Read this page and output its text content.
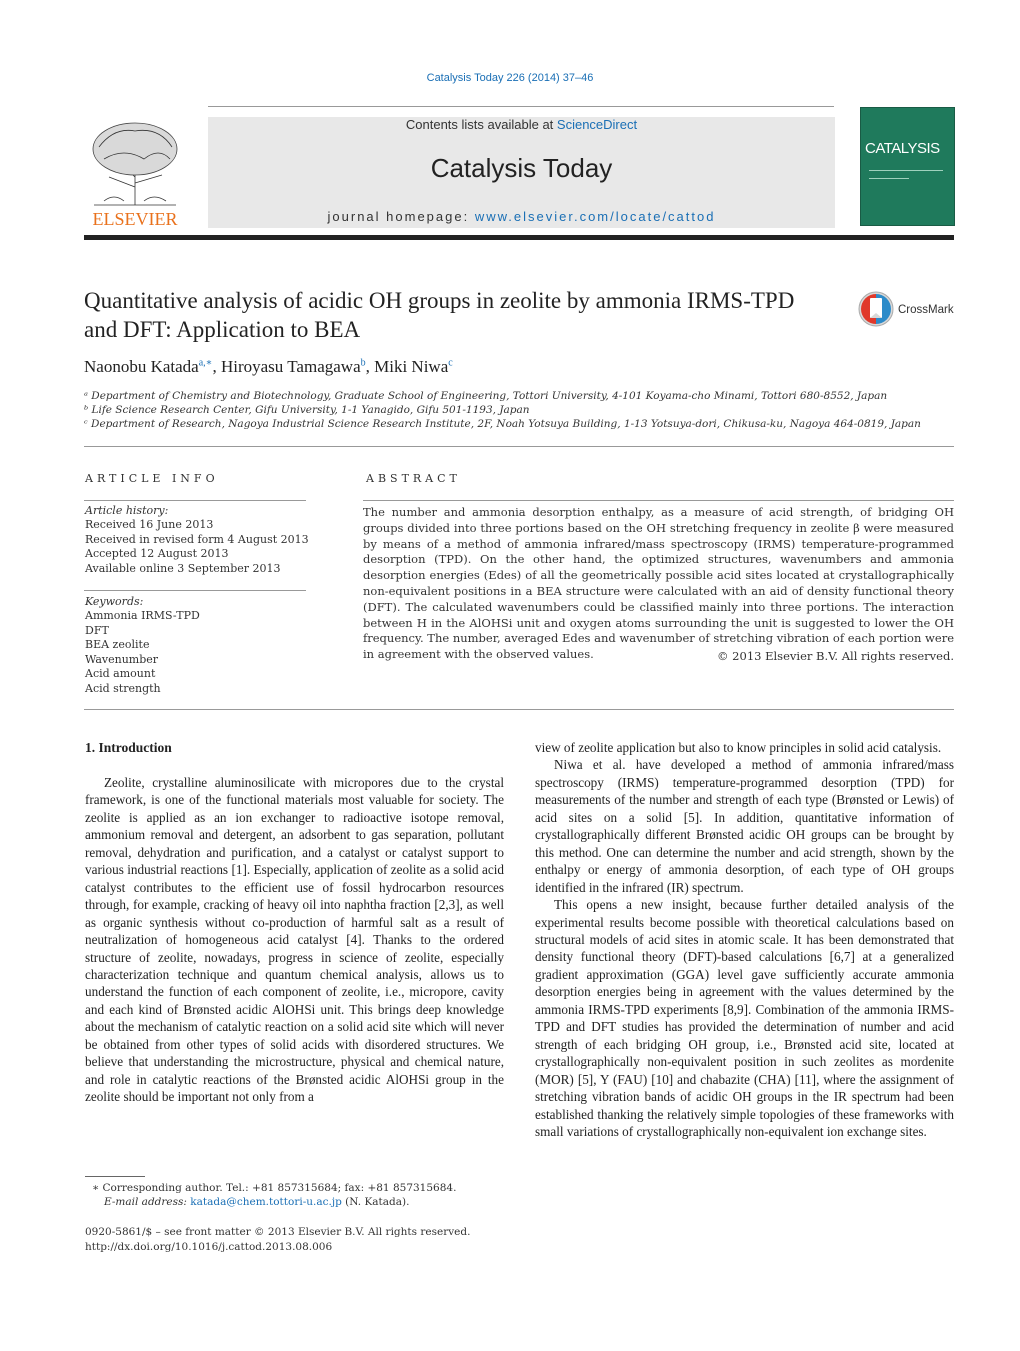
Catalysis Today 226 (2014) 37–46
ELSEVIER
Contents lists available at ScienceDirect
Catalysis Today
journal homepage: www.elsevier.com/locate/cattod
CATALYSIS
Quantitative analysis of acidic OH groups in zeolite by ammonia IRMS-TPD and DFT: Application to BEA
CrossMark
Naonobu Katada$^{a,∗}$, Hiroyasu Tamagawa$^b$, Miki Niwa$^c$
ᵃ Department of Chemistry and Biotechnology, Graduate School of Engineering, Tottori University, 4-101 Koyama-cho Minami, Tottori 680-8552, Japan
ᵇ Life Science Research Center, Gifu University, 1-1 Yanagido, Gifu 501-1193, Japan
ᶜ Department of Research, Nagoya Industrial Science Research Institute, 2F, Noah Yotsuya Building, 1-13 Yotsuya-dori, Chikusa-ku, Nagoya 464-0819, Japan
ARTICLE INFO
Article history:
Received 16 June 2013
Received in revised form 4 August 2013
Accepted 12 August 2013
Available online 3 September 2013
Keywords:
Ammonia IRMS-TPD
DFT
BEA zeolite
Wavenumber
Acid amount
Acid strength
ABSTRACT
The number and ammonia desorption enthalpy, as a measure of acid strength, of bridging OH groups divided into three portions based on the OH stretching frequency in zeolite β were measured by means of a method of ammonia infrared/mass spectroscopy (IRMS) temperature-programmed desorption (TPD). On the other hand, the optimized structures, wavenumbers and ammonia desorption energies (Edes) of all the geometrically possible acid sites located at crystallographically non-equivalent positions in a BEA structure were calculated with an aid of density functional theory (DFT). The calculated wavenumbers could be classified mainly into three portions. The interaction between H in the AlOHSi unit and oxygen atoms surrounding the unit is suggested to lower the OH frequency. The number, averaged Edes and wavenumber of stretching vibration of each portion were in agreement with the observed values.	© 2013 Elsevier B.V. All rights reserved.
1. Introduction

Zeolite, crystalline aluminosilicate with micropores due to the crystal framework, is one of the functional materials most valuable for society. The zeolite is applied as an ion exchanger to radioactive isotope removal, ammonium removal and detergent, an adsorbent to gas separation, pollutant removal, dehydration and purification, and a catalyst or catalyst support to various industrial reactions [1]. Especially, application of zeolite as a solid acid catalyst contributes to the efficient use of fossil hydrocarbon resources through, for example, cracking of heavy oil into naphtha fraction [2,3], as well as organic synthesis without co-production of harmful salt as a result of neutralization of homogeneous acid catalyst [4]. Thanks to the ordered structure of zeolite, nowadays, progress in science of zeolite, especially characterization technique and quantum chemical analysis, allows us to understand the function of each component of zeolite, i.e., micropore, cavity and each kind of Brønsted acidic AlOHSi unit. This brings deep knowledge about the mechanism of catalytic reaction on a solid acid site which will never be obtained from other types of solid acids with disordered structures. We believe that understanding the microstructure, physical and chemical nature, and role in catalytic reactions of the Brønsted acidic AlOHSi group in the zeolite should be important not only from a

view of zeolite application but also to know principles in solid acid catalysis.

Niwa et al. have developed a method of ammonia infrared/mass spectroscopy (IRMS) temperature-programmed desorption (TPD) for measurements of the number and strength of each type (Brønsted or Lewis) of acid sites on a solid [5]. In addition, quantitative information of crystallographically different Brønsted acidic OH groups can be brought by this method. One can determine the number and acid strength, shown by the enthalpy or energy of ammonia desorption, of each type of OH groups identified in the infrared (IR) spectrum.

This opens a new insight, because further detailed analysis of the experimental results become possible with theoretical calculations based on structural models of acid sites in atomic scale. It has been demonstrated that density functional theory (DFT)-based calculations [6,7] at a generalized gradient approximation (GGA) level gave sufficiently accurate ammonia desorption energies being in agreement with the values determined by the ammonia IRMS-TPD experiments [8,9]. Combination of the ammonia IRMS-TPD and DFT studies has provided the determination of number and acid strength of each bridging OH group, i.e., Brønsted acid site, located at crystallographically non-equivalent position in such zeolites as mordenite (MOR) [5], Y (FAU) [10] and chabazite (CHA) [11], where the assignment of stretching vibration bands of acidic OH groups in the IR spectrum had been established thanking the relatively simple topologies of these frameworks with small variations of crystallographically non-equivalent ion exchange sites.

∗ Corresponding author. Tel.: +81 857315684; fax: +81 857315684.
E-mail address: katada@chem.tottori-u.ac.jp (N. Katada).
0920-5861/$ – see front matter © 2013 Elsevier B.V. All rights reserved.
http://dx.doi.org/10.1016/j.cattod.2013.08.006
